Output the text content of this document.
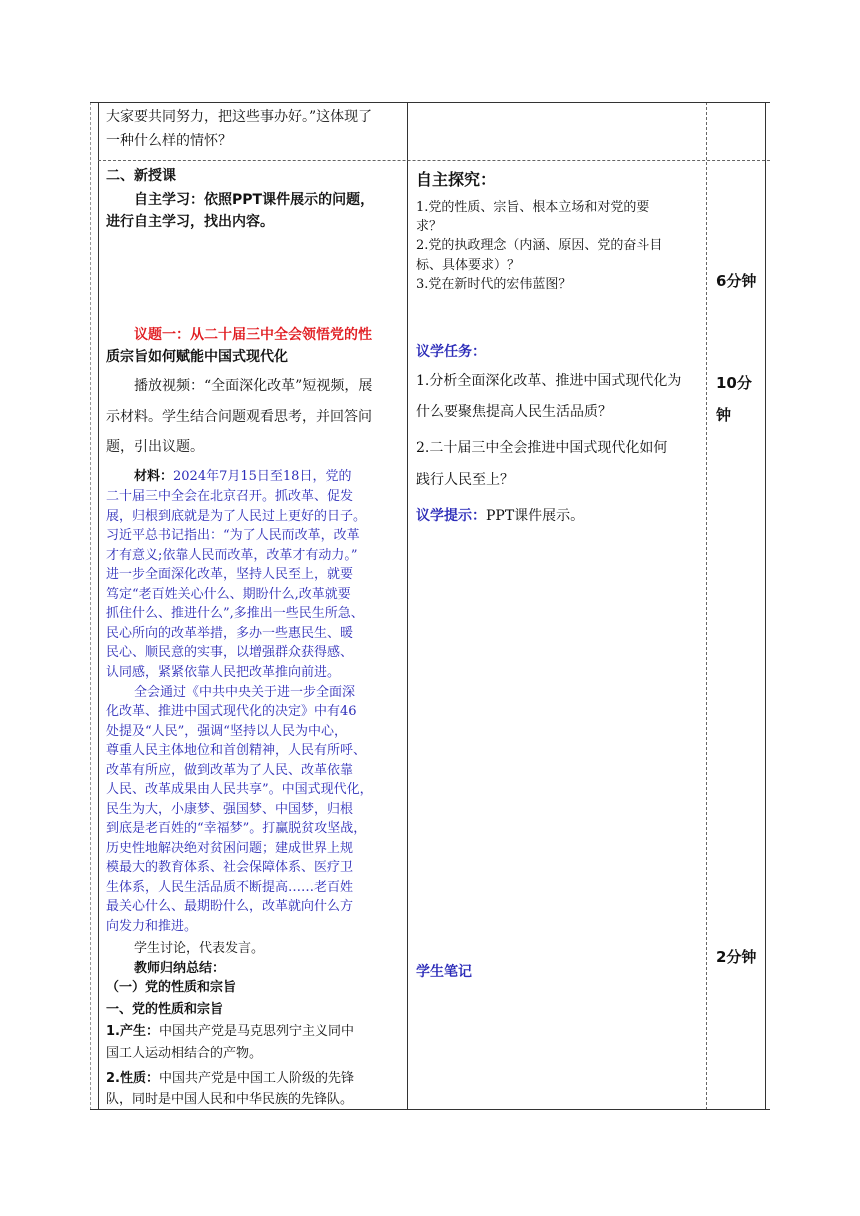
大家要共同努力，把这些事办好。”这体现了
一种什么样的情怀？
二、新授课
自主学习：依照PPT课件展示的问题，
进行自主学习，找出内容。
议题一：从二十届三中全会领悟党的性
质宗旨如何赋能中国式现代化
播放视频：“全面深化改革”短视频，展
示材料。学生结合问题观看思考，并回答问
题，引出议题。
材料：2024年7月15日至18日，党的
二十届三中全会在北京召开。抓改革、促发
展，归根到底就是为了人民过上更好的日子。
习近平总书记指出：“为了人民而改革，改革
才有意义;依靠人民而改革，改革才有动力。”
进一步全面深化改革，坚持人民至上，就要
笃定“老百姓关心什么、期盼什么,改革就要
抓住什么、推进什么”,多推出一些民生所急、
民心所向的改革举措，多办一些惠民生、暖
民心、顺民意的实事，以增强群众获得感、
认同感，紧紧依靠人民把改革推向前进。
全会通过《中共中央关于进一步全面深
化改革、推进中国式现代化的决定》中有46
处提及“人民”，强调“坚持以人民为中心，
尊重人民主体地位和首创精神，人民有所呼、
改革有所应，做到改革为了人民、改革依靠
人民、改革成果由人民共享”。中国式现代化，
民生为大，小康梦、强国梦、中国梦，归根
到底是老百姓的“幸福梦”。打赢脱贫攻坚战，
历史性地解决绝对贫困问题；建成世界上规
模最大的教育体系、社会保障体系、医疗卫
生体系，人民生活品质不断提高……老百姓
最关心什么、最期盼什么，改革就向什么方
向发力和推进。
学生讨论，代表发言。
教师归纳总结：
（一）党的性质和宗旨
一、党的性质和宗旨
1.产生：中国共产党是马克思列宁主义同中
国工人运动相结合的产物。
2.性质：中国共产党是中国工人阶级的先锋
队，同时是中国人民和中华民族的先锋队。
自主探究：
1.党的性质、宗旨、根本立场和对党的要
求？
2.党的执政理念（内涵、原因、党的奋斗目
标、具体要求）？
3.党在新时代的宏伟蓝图？
议学任务：
1.分析全面深化改革、推进中国式现代化为
什么要聚焦提高人民生活品质？
2.二十届三中全会推进中国式现代化如何
践行人民至上？
议学提示：PPT课件展示。
学生笔记
6分钟
10分
钟
2分钟
